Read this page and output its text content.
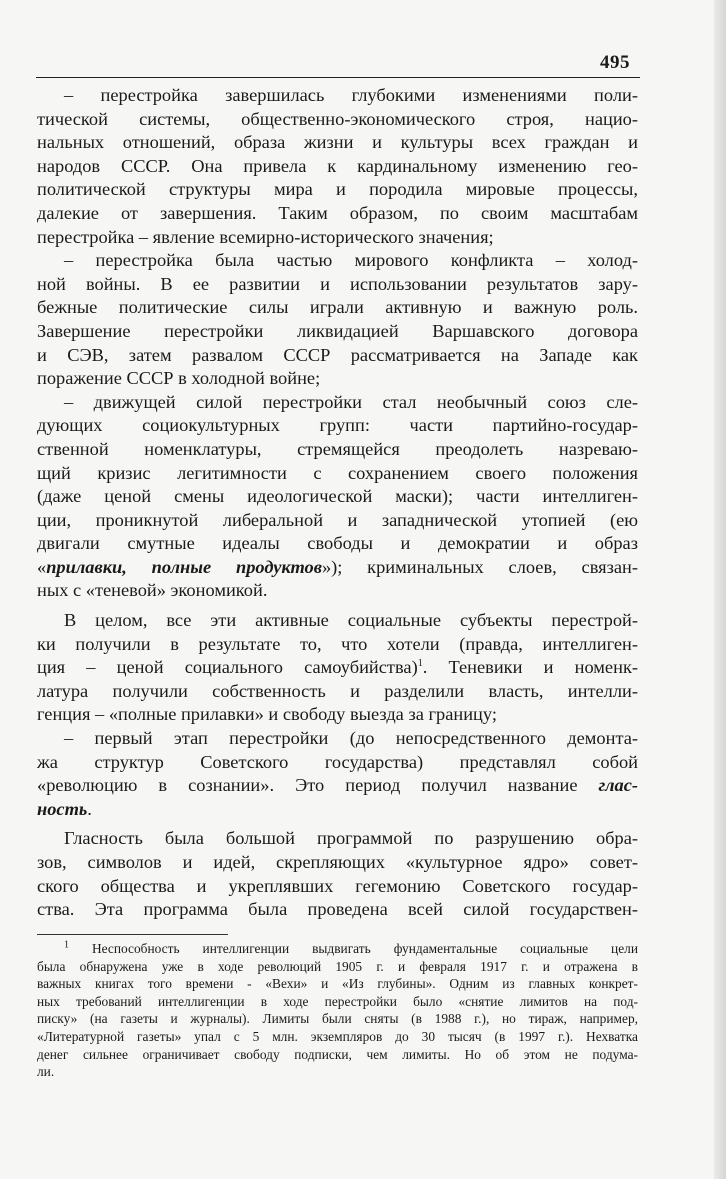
495
– перестройка завершилась глубокими изменениями поли-
тической системы, общественно-экономического строя, нацио-
нальных отношений, образа жизни и культуры всех граждан и
народов СССР. Она привела к кардинальному изменению гео-
политической структуры мира и породила мировые процессы,
далекие от завершения. Таким образом, по своим масштабам
перестройка – явление всемирно-исторического значения;
– перестройка была частью мирового конфликта – холод-
ной войны. В ее развитии и использовании результатов зару-
бежные политические силы играли активную и важную роль.
Завершение перестройки ликвидацией Варшавского договора
и СЭВ, затем развалом СССР рассматривается на Западе как
поражение СССР в холодной войне;
– движущей силой перестройки стал необычный союз сле-
дующих социокультурных групп: части партийно-государ-
ственной номенклатуры, стремящейся преодолеть назреваю-
щий кризис легитимности с сохранением своего положения
(даже ценой смены идеологической маски); части интеллиген-
ции, проникнутой либеральной и западнической утопией (ею
двигали смутные идеалы свободы и демократии и образ
«прилавки, полные продуктов»); криминальных слоев, связан-
ных с «теневой» экономикой.
В целом, все эти активные социальные субъекты перестрой-
ки получили в результате то, что хотели (правда, интеллиген-
ция – ценой социального самоубийства)$^1$. Теневики и номенк-
латура получили собственность и разделили власть, интелли-
генция – «полные прилавки» и свободу выезда за границу;
– первый этап перестройки (до непосредственного демонта-
жа структур Советского государства) представлял собой
«революцию в сознании». Это период получил название глас-
ность.
Гласность была большой программой по разрушению обра-
зов, символов и идей, скрепляющих «культурное ядро» совет-
ского общества и укреплявших гегемонию Советского государ-
ства. Эта программа была проведена всей силой государствен-
$^1$ Неспособность интеллигенции выдвигать фундаментальные социальные цели
была обнаружена уже в ходе революций 1905 г. и февраля 1917 г. и отражена в
важных книгах того времени - «Вехи» и «Из глубины». Одним из главных конкрет-
ных требований интеллигенции в ходе перестройки было «снятие лимитов на под-
писку» (на газеты и журналы). Лимиты были сняты (в 1988 г.), но тираж, например,
«Литературной газеты» упал с 5 млн. экземпляров до 30 тысяч (в 1997 г.). Нехватка
денег сильнее ограничивает свободу подписки, чем лимиты. Но об этом не подума-
ли.
